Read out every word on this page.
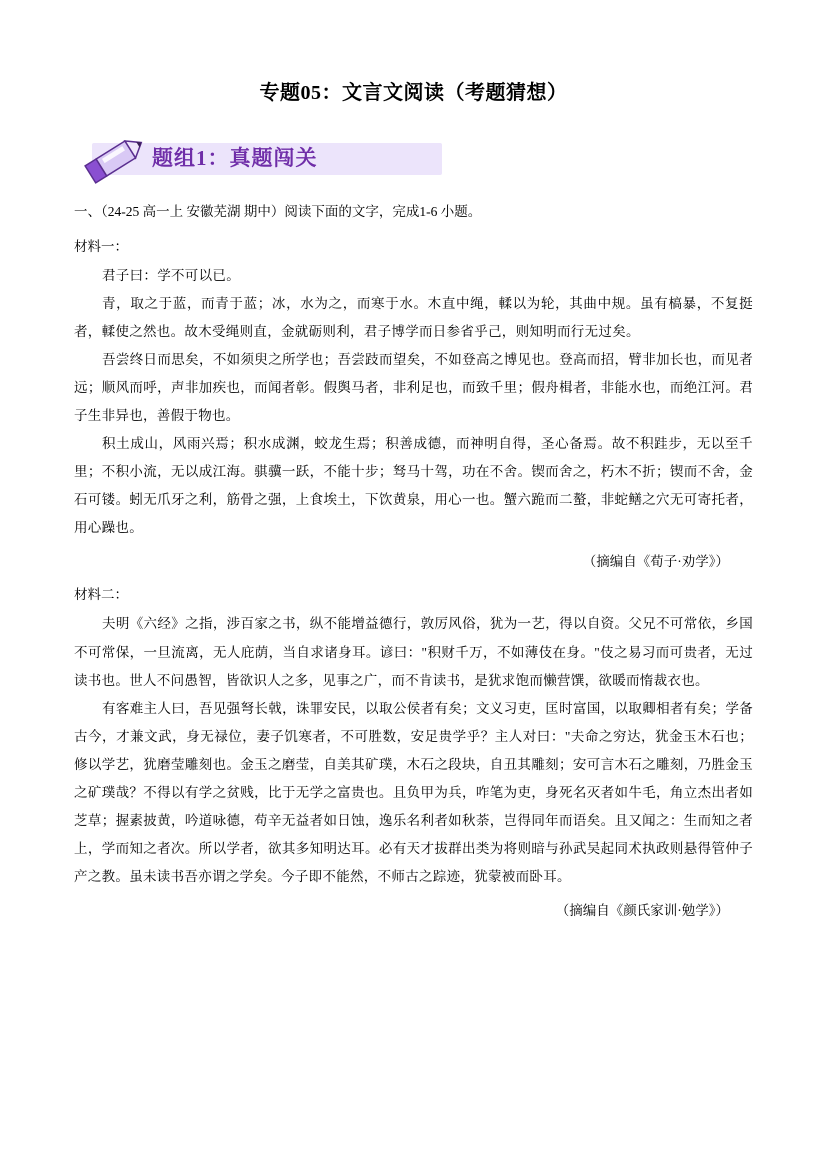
专题05：文言文阅读（考题猜想）
题组1：真题闯关
一、（24-25 高一上 安徽芜湖 期中）阅读下面的文字，完成1-6 小题。
材料一：
君子曰：学不可以已。
青，取之于蓝，而青于蓝；冰，水为之，而寒于水。木直中绳，輮以为轮，其曲中规。虽有槁暴，不复挺者，輮使之然也。故木受绳则直，金就砺则利，君子博学而日参省乎己，则知明而行无过矣。
吾尝终日而思矣，不如须臾之所学也；吾尝跂而望矣，不如登高之博见也。登高而招，臂非加长也，而见者远；顺风而呼，声非加疾也，而闻者彰。假舆马者，非利足也，而致千里；假舟楫者，非能水也，而绝江河。君子生非异也，善假于物也。
积土成山，风雨兴焉；积水成渊，蛟龙生焉；积善成德，而神明自得，圣心备焉。故不积跬步，无以至千里；不积小流，无以成江海。骐骥一跃，不能十步；驽马十驾，功在不舍。锲而舍之，朽木不折；锲而不舍，金石可镂。蚓无爪牙之利，筋骨之强，上食埃土，下饮黄泉，用心一也。蟹六跪而二螯，非蛇鳝之穴无可寄托者，用心躁也。
（摘编自《荀子·劝学》）
材料二：
夫明《六经》之指，涉百家之书，纵不能增益德行，敦厉风俗，犹为一艺，得以自资。父兄不可常依，乡国不可常保，一旦流离，无人庇荫，当自求诸身耳。谚曰："积财千万，不如薄伎在身。"伎之易习而可贵者，无过读书也。世人不问愚智，皆欲识人之多，见事之广，而不肯读书，是犹求饱而懒营馔，欲暖而惰裁衣也。
有客难主人曰，吾见强弩长戟，诛罪安民，以取公侯者有矣；文义习吏，匡时富国，以取卿相者有矣；学备古今，才兼文武，身无禄位，妻子饥寒者，不可胜数，安足贵学乎？主人对曰："夫命之穷达，犹金玉木石也；修以学艺，犹磨莹雕刻也。金玉之磨莹，自美其矿璞，木石之段块，自丑其雕刻；安可言木石之雕刻，乃胜金玉之矿璞哉？不得以有学之贫贱，比于无学之富贵也。且负甲为兵，咋笔为吏，身死名灭者如牛毛，角立杰出者如芝草；握素披黄，吟道咏德，苟辛无益者如日蚀，逸乐名利者如秋荼，岂得同年而语矣。且又闻之：生而知之者上，学而知之者次。所以学者，欲其多知明达耳。必有天才拔群出类为将则暗与孙武吴起同术执政则悬得管仲子产之教。虽未读书吾亦谓之学矣。今子即不能然，不师古之踪迹，犹蒙被而卧耳。
（摘编自《颜氏家训·勉学》）
